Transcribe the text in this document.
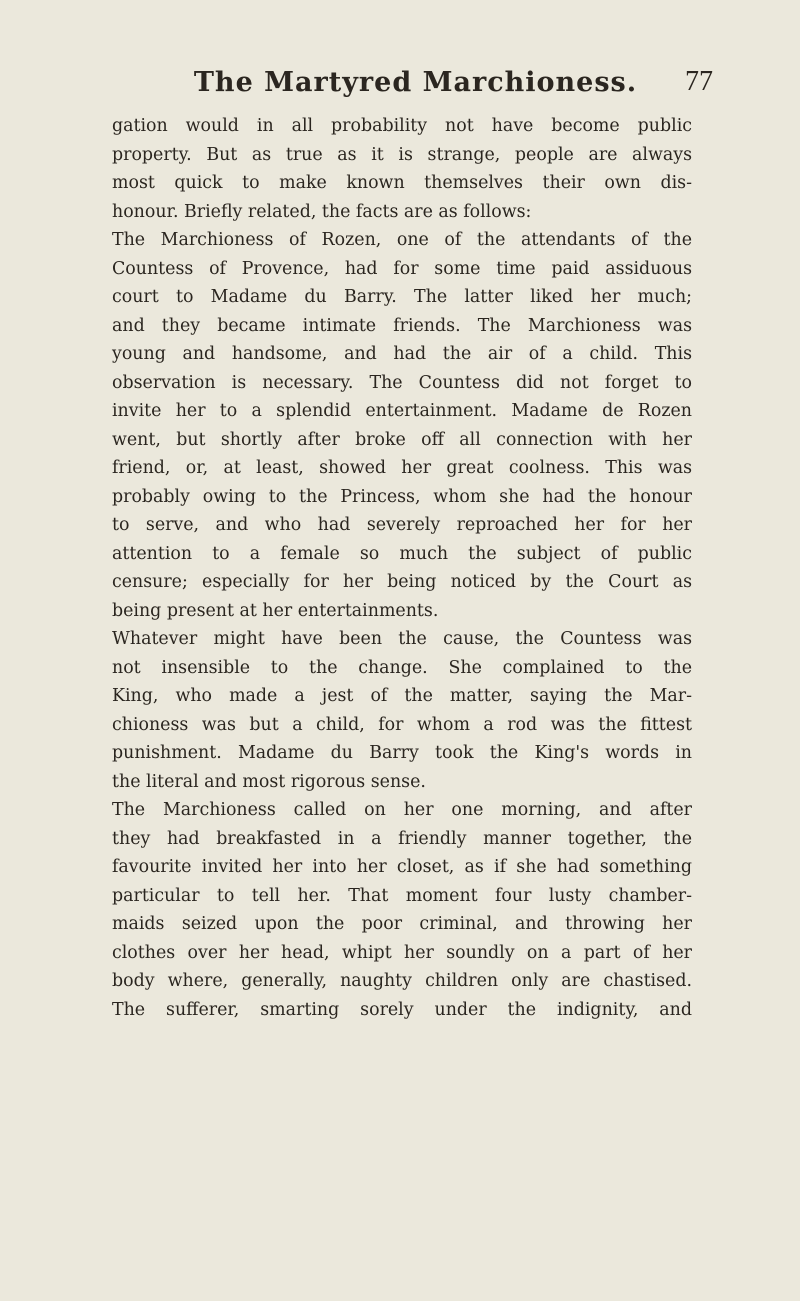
The Martyred Marchioness. 77
gation would in all probability not have become public
property. But as true as it is strange, people are always
most quick to make known themselves their own dis-
honour. Briefly related, the facts are as follows:
The Marchioness of Rozen, one of the attendants of the
Countess of Provence, had for some time paid assiduous
court to Madame du Barry. The latter liked her much;
and they became intimate friends. The Marchioness was
young and handsome, and had the air of a child. This
observation is necessary. The Countess did not forget to
invite her to a splendid entertainment. Madame de Rozen
went, but shortly after broke off all connection with her
friend, or, at least, showed her great coolness. This was
probably owing to the Princess, whom she had the honour
to serve, and who had severely reproached her for her
attention to a female so much the subject of public
censure; especially for her being noticed by the Court as
being present at her entertainments.
Whatever might have been the cause, the Countess was
not insensible to the change. She complained to the
King, who made a jest of the matter, saying the Mar-
chioness was but a child, for whom a rod was the fittest
punishment. Madame du Barry took the King's words in
the literal and most rigorous sense.
The Marchioness called on her one morning, and after
they had breakfasted in a friendly manner together, the
favourite invited her into her closet, as if she had something
particular to tell her. That moment four lusty chamber-
maids seized upon the poor criminal, and throwing her
clothes over her head, whipt her soundly on a part of her
body where, generally, naughty children only are chastised.
The sufferer, smarting sorely under the indignity, and
